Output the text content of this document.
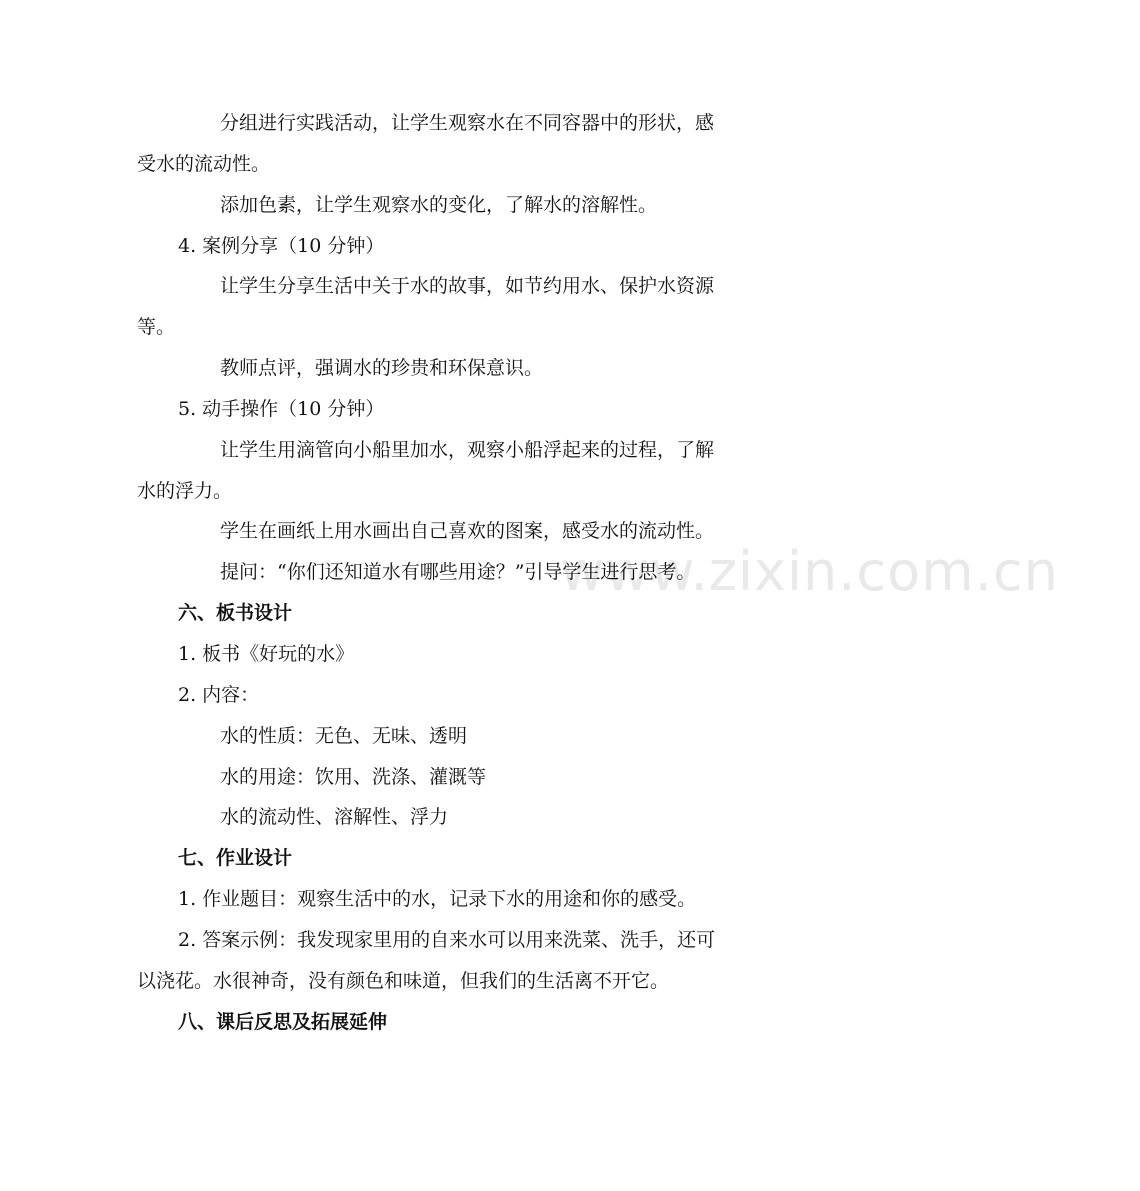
www.zixin.com.cn
分组进行实践活动，让学生观察水在不同容器中的形状，感
受水的流动性。
添加色素，让学生观察水的变化，了解水的溶解性。
4. 案例分享（10 分钟）
让学生分享生活中关于水的故事，如节约用水、保护水资源
等。
教师点评，强调水的珍贵和环保意识。
5. 动手操作（10 分钟）
让学生用滴管向小船里加水，观察小船浮起来的过程，了解
水的浮力。
学生在画纸上用水画出自己喜欢的图案，感受水的流动性。
提问：“你们还知道水有哪些用途？”引导学生进行思考。
六、板书设计
1. 板书《好玩的水》
2. 内容：
水的性质：无色、无味、透明
水的用途：饮用、洗涤、灌溉等
水的流动性、溶解性、浮力
七、作业设计
1. 作业题目：观察生活中的水，记录下水的用途和你的感受。
2. 答案示例：我发现家里用的自来水可以用来洗菜、洗手，还可
以浇花。水很神奇，没有颜色和味道，但我们的生活离不开它。
八、课后反思及拓展延伸
